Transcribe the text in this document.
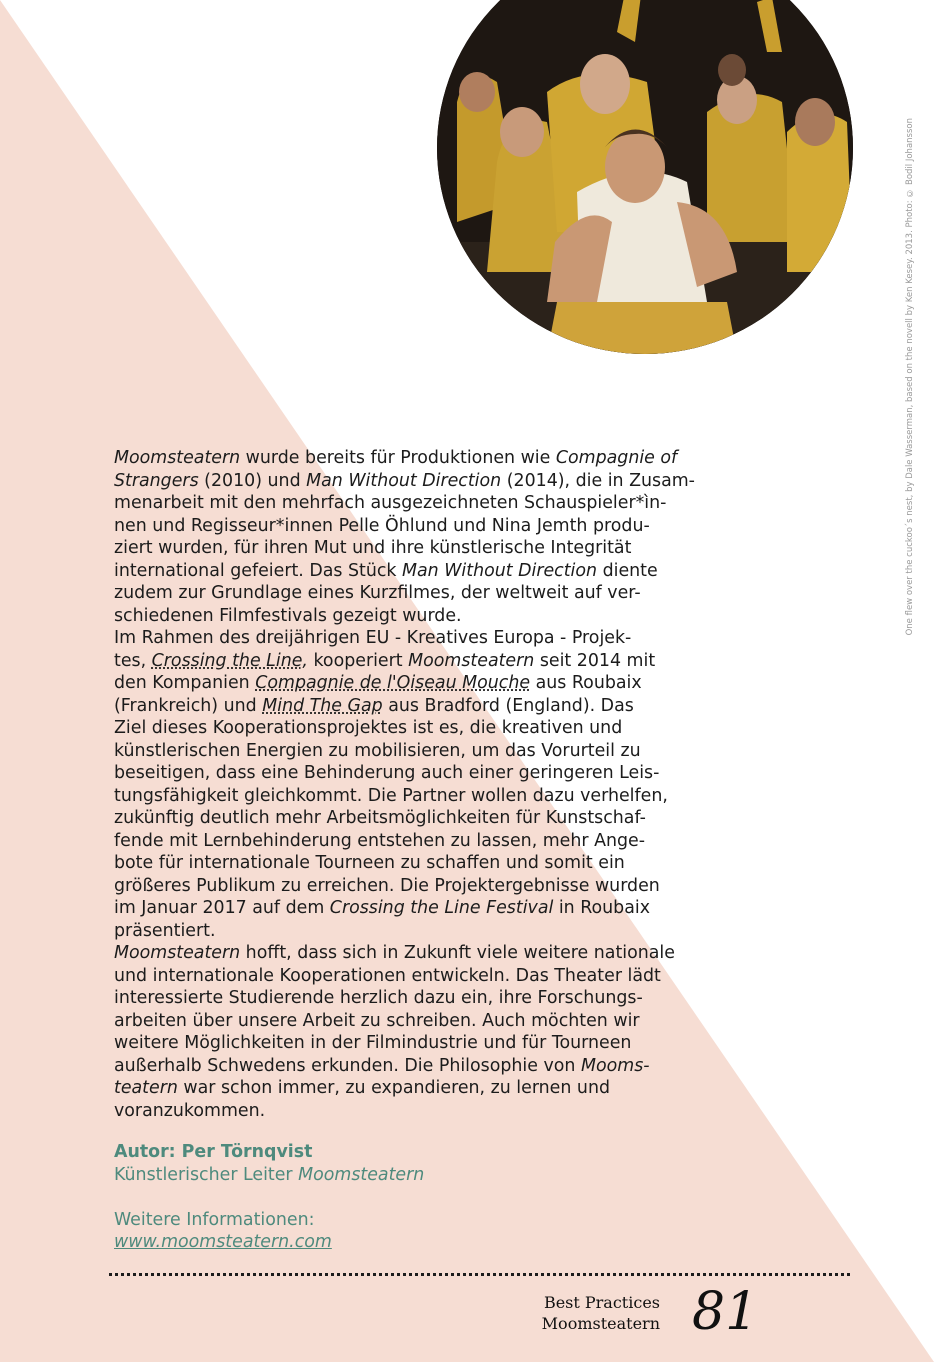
One flew over the cuckoo´s nest, by Dale Wasserman, based on the novell by Ken Kesey. 2013. Photo: © Bodil Johansson
Moomsteatern wurde bereits für Produktionen wie Compagnie of
Strangers (2010) und Man Without Direction (2014), die in Zusam-
menarbeit mit den mehrfach ausgezeichneten Schauspieler*ìn-
nen und Regisseur*innen Pelle Öhlund und Nina Jemth produ-
ziert wurden, für ihren Mut und ihre künstlerische Integrität
international gefeiert. Das Stück Man Without Direction diente
zudem zur Grundlage eines Kurzfilmes, der weltweit auf ver-
schiedenen Filmfestivals gezeigt wurde.
Im Rahmen des dreijährigen EU - Kreatives Europa - Projek-
tes, Crossing the Line, kooperiert Moomsteatern seit 2014 mit
den Kompanien Compagnie de l'Oiseau Mouche aus Roubaix
(Frankreich) und Mind The Gap aus Bradford (England). Das
Ziel dieses Kooperationsprojektes ist es, die kreativen und
künstlerischen Energien zu mobilisieren, um das Vorurteil zu
beseitigen, dass eine Behinderung auch einer geringeren Leis-
tungsfähigkeit gleichkommt. Die Partner wollen dazu verhelfen,
zukünftig deutlich mehr Arbeitsmöglichkeiten für Kunstschaf-
fende mit Lernbehinderung entstehen zu lassen, mehr Ange-
bote für internationale Tourneen zu schaffen und somit ein
größeres Publikum zu erreichen. Die Projektergebnisse wurden
im Januar 2017 auf dem Crossing the Line Festival in Roubaix
präsentiert.
Moomsteatern hofft, dass sich in Zukunft viele weitere nationale
und internationale Kooperationen entwickeln. Das Theater lädt
interessierte Studierende herzlich dazu ein, ihre Forschungs-
arbeiten über unsere Arbeit zu schreiben. Auch möchten wir
weitere Möglichkeiten in der Filmindustrie und für Tourneen
außerhalb Schwedens erkunden. Die Philosophie von Mooms-
teatern war schon immer, zu expandieren, zu lernen und
voranzukommen.
Autor: Per Törnqvist
Künstlerischer Leiter Moomsteatern
Weitere Informationen:
www.moomsteatern.com
Best Practices
Moomsteatern 81
